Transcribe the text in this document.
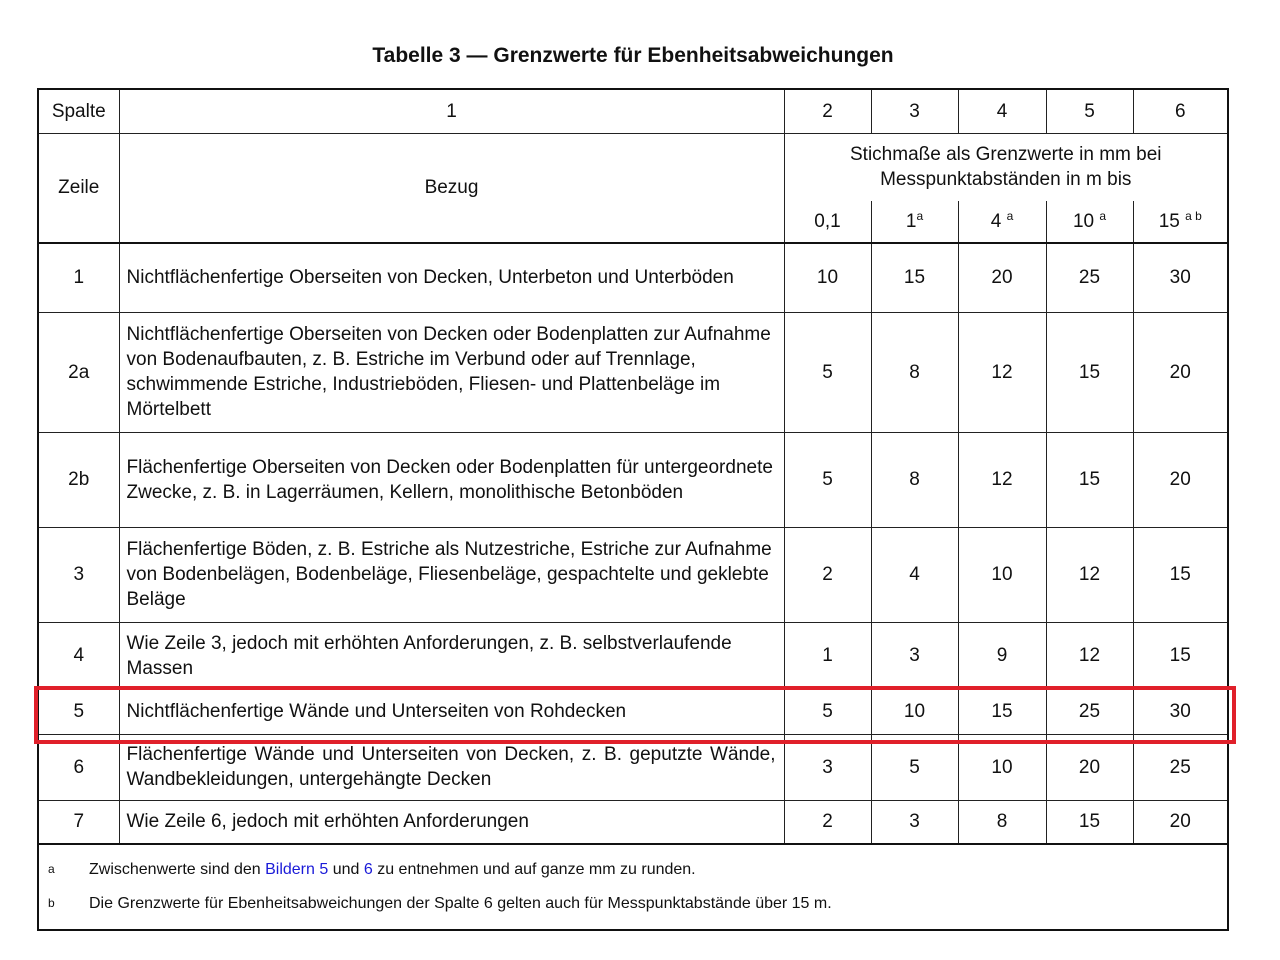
Tabelle 3 — Grenzwerte für Ebenheitsabweichungen
Spalte	1	2	3	4	5	6
Zeile	Bezug	Stichmaße als Grenzwerte in mm bei Messpunktabständen in m bis				
		0,1	1$^a$	4 $^a$	10 $^a$	15 $^{a b}$
1	Nichtflächenfertige Oberseiten von Decken, Unterbeton und Unterböden	10	15	20	25	30
2a	Nichtflächenfertige Oberseiten von Decken oder Bodenplatten zur Aufnahme von Bodenaufbauten, z. B. Estriche im Verbund oder auf Trennlage, schwimmende Estriche, Industrieböden, Fliesen- und Plattenbeläge im Mörtelbett	5	8	12	15	20
2b	Flächenfertige Oberseiten von Decken oder Bodenplatten für untergeordnete Zwecke, z. B. in Lagerräumen, Kellern, monolithische Betonböden	5	8	12	15	20
3	Flächenfertige Böden, z. B. Estriche als Nutzestriche, Estriche zur Aufnahme von Bodenbelägen, Bodenbeläge, Fliesenbeläge, gespachtelte und geklebte Beläge	2	4	10	12	15
4	Wie Zeile 3, jedoch mit erhöhten Anforderungen, z. B. selbstverlaufende Massen	1	3	9	12	15
5	Nichtflächenfertige Wände und Unterseiten von Rohdecken	5	10	15	25	30
6	Flächenfertige Wände und Unterseiten von Decken, z. B. geputzte Wände, Wandbekleidungen, untergehängte Decken	3	5	10	20	25
7	Wie Zeile 6, jedoch mit erhöhten Anforderungen	2	3	8	15	20

a Zwischenwerte sind den Bildern 5 und 6 zu entnehmen und auf ganze mm zu runden.
b Die Grenzwerte für Ebenheitsabweichungen der Spalte 6 gelten auch für Messpunktabstände über 15 m.						
